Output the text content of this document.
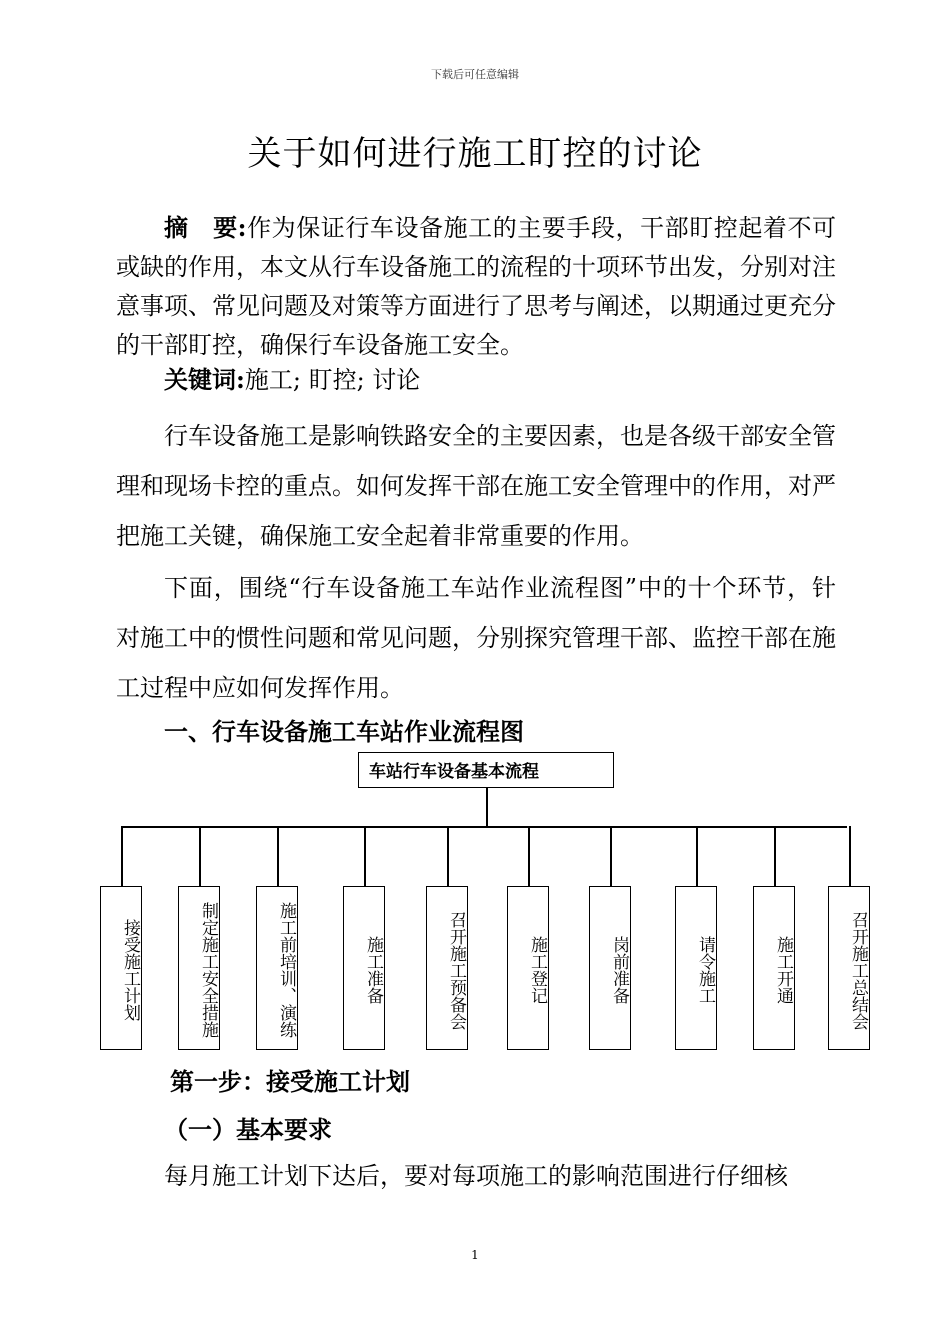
下载后可任意编辑
关于如何进行施工盯控的讨论

摘　要:作为保证行车设备施工的主要手段，干部盯控起着不可或缺的作用，本文从行车设备施工的流程的十项环节出发，分别对注意事项、常见问题及对策等方面进行了思考与阐述，以期通过更充分的干部盯控，确保行车设备施工安全。

关键词:施工; 盯控; 讨论

行车设备施工是影响铁路安全的主要因素，也是各级干部安全管理和现场卡控的重点。如何发挥干部在施工安全管理中的作用，对严把施工关键，确保施工安全起着非常重要的作用。

下面，围绕“行车设备施工车站作业流程图”中的十个环节，针对施工中的惯性问题和常见问题，分别探究管理干部、监控干部在施工过程中应如何发挥作用。

一、行车设备施工车站作业流程图
车站行车设备基本流程
接受施工计划	制定施工安全措施	施工前培训、演练	施工准备	召开施工预备会	施工登记	岗前准备	请令施工	施工开通	召开施工总结会
第一步：接受施工计划
（一）基本要求

每月施工计划下达后，要对每项施工的影响范围进行仔细核

1
